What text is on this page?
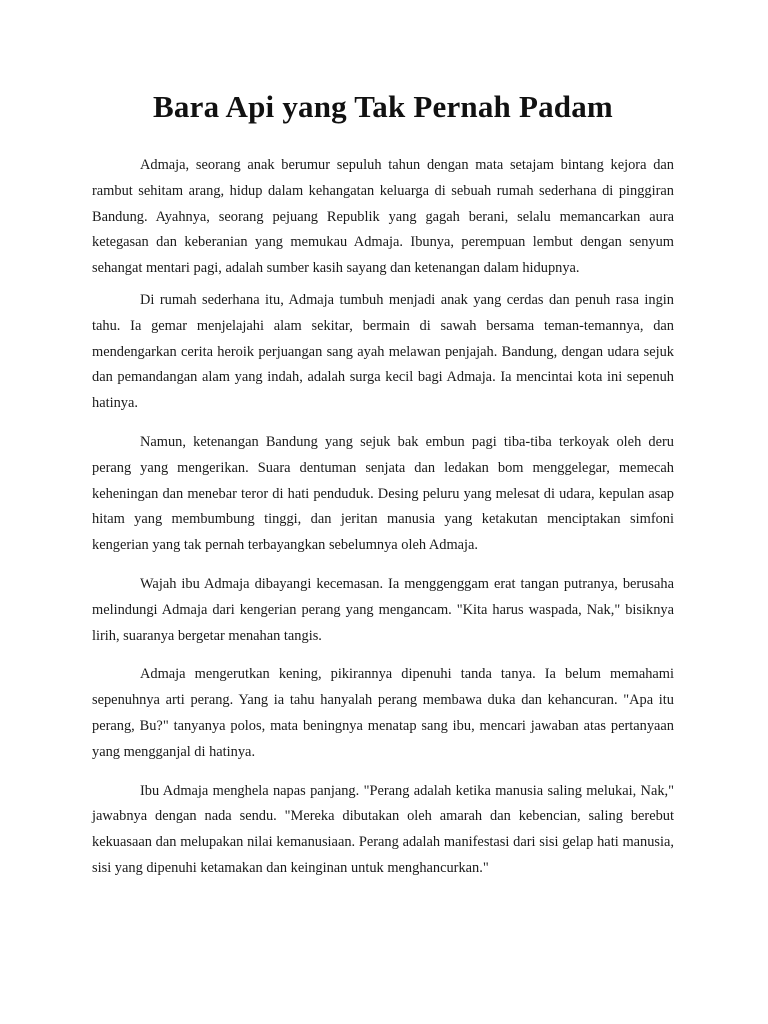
Bara Api yang Tak Pernah Padam

Admaja, seorang anak berumur sepuluh tahun dengan mata setajam bintang kejora dan rambut sehitam arang, hidup dalam kehangatan keluarga di sebuah rumah sederhana di pinggiran Bandung. Ayahnya, seorang pejuang Republik yang gagah berani, selalu memancarkan aura ketegasan dan keberanian yang memukau Admaja. Ibunya, perempuan lembut dengan senyum sehangat mentari pagi, adalah sumber kasih sayang dan ketenangan dalam hidupnya.

Di rumah sederhana itu, Admaja tumbuh menjadi anak yang cerdas dan penuh rasa ingin tahu. Ia gemar menjelajahi alam sekitar, bermain di sawah bersama teman-temannya, dan mendengarkan cerita heroik perjuangan sang ayah melawan penjajah. Bandung, dengan udara sejuk dan pemandangan alam yang indah, adalah surga kecil bagi Admaja. Ia mencintai kota ini sepenuh hatinya.

Namun, ketenangan Bandung yang sejuk bak embun pagi tiba-tiba terkoyak oleh deru perang yang mengerikan. Suara dentuman senjata dan ledakan bom menggelegar, memecah keheningan dan menebar teror di hati penduduk. Desing peluru yang melesat di udara, kepulan asap hitam yang membumbung tinggi, dan jeritan manusia yang ketakutan menciptakan simfoni kengerian yang tak pernah terbayangkan sebelumnya oleh Admaja.

Wajah ibu Admaja dibayangi kecemasan. Ia menggenggam erat tangan putranya, berusaha melindungi Admaja dari kengerian perang yang mengancam. "Kita harus waspada, Nak," bisiknya lirih, suaranya bergetar menahan tangis.

Admaja mengerutkan kening, pikirannya dipenuhi tanda tanya. Ia belum memahami sepenuhnya arti perang. Yang ia tahu hanyalah perang membawa duka dan kehancuran. "Apa itu perang, Bu?" tanyanya polos, mata beningnya menatap sang ibu, mencari jawaban atas pertanyaan yang mengganjal di hatinya.

Ibu Admaja menghela napas panjang. "Perang adalah ketika manusia saling melukai, Nak," jawabnya dengan nada sendu. "Mereka dibutakan oleh amarah dan kebencian, saling berebut kekuasaan dan melupakan nilai kemanusiaan. Perang adalah manifestasi dari sisi gelap hati manusia, sisi yang dipenuhi ketamakan dan keinginan untuk menghancurkan."
